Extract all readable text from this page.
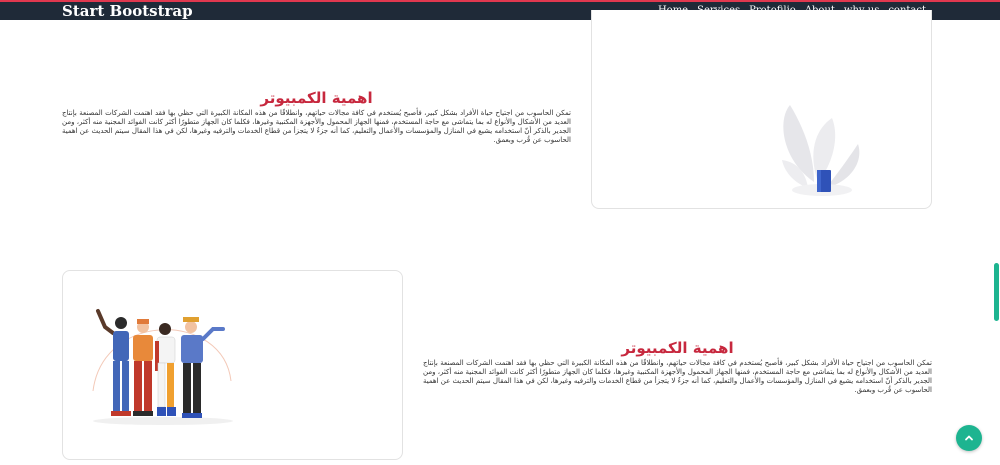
Start Bootstrap
اهمية الكمبيوتر

تمكن الحاسوب من اجتياح حياة الأفراد بشكل كبير، فأصبح يُستخدم في كافة مجالات حياتهم، وانطلاقًا من هذه المكانة الكبيرة التي حظي بها فقد اهتمت الشركات المصنعة بإنتاج العديد من الأشكال والأنواع له بما يتماشى مع حاجة المستخدم، فمنها الجهاز المحمول والأجهزة المكتبية وغيرها، فكلما كان الجهاز متطورًا أكثر كانت الفوائد المجنية منه أكثر، ومن الجدير بالذكر أنّ استخدامه يشيع في المنازل والمؤسسات والأعمال والتعليم، كما أنه جزءٌ لا يتجزأ من قطاع الخدمات والترفيه وغيرها، لكن في هذا المقال سيتم الحديث عن اهمية الحاسوب عن قُرب وبعمق.

اهمية الكمبيوتر

تمكن الحاسوب من اجتياح حياة الأفراد بشكل كبير، فأصبح يُستخدم في كافة مجالات حياتهم، وانطلاقًا من هذه المكانة الكبيرة التي حظي بها فقد اهتمت الشركات المصنعة بإنتاج العديد من الأشكال والأنواع له بما يتماشى مع حاجة المستخدم، فمنها الجهاز المحمول والأجهزة المكتبية وغيرها، فكلما كان الجهاز متطورًا أكثر كانت الفوائد المجنية منه أكثر، ومن الجدير بالذكر أنّ استخدامه يشيع في المنازل والمؤسسات والأعمال والتعليم، كما أنه جزءٌ لا يتجزأ من قطاع الخدمات والترفيه وغيرها، لكن في هذا المقال سيتم الحديث عن اهمية الحاسوب عن قُرب وبعمق.
